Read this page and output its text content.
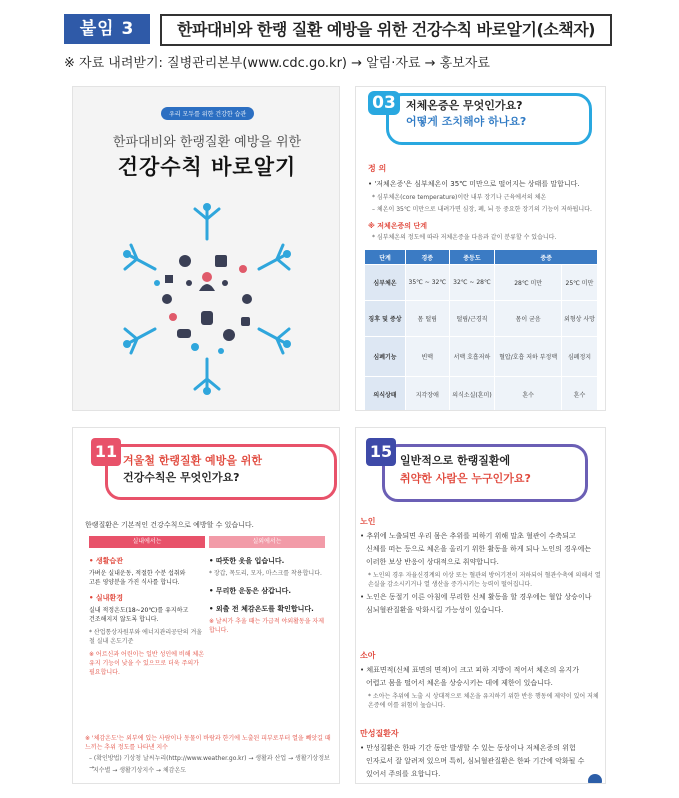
붙임 3	한파대비와 한랭 질환 예방을 위한 건강수칙 바로알기(소책자)
※ 자료 내려받기: 질병관리본부(www.cdc.go.kr) → 알림·자료 → 홍보자료
우리 모두를 위한 건강한 습관
한파대비와 한랭질환 예방을 위한
건강수칙 바로알기
03 저체온증은 무엇인가요?
어떻게 조치해야 하나요?
정 의
• '저체온증'은 심부체온이 35℃ 미만으로 떨어지는 상태를 말합니다.
* 심부체온(core temperature)이란 내부 장기나 근육에서의 체온
– 체온이 35℃ 미만으로 내려가면 심장, 폐, 뇌 등 중요한 장기의 기능이 저하됩니다.
※ 저체온증의 단계
* 심부체온의 정도에 따라 저체온증을 다음과 같이 분류할 수 있습니다.
단계	경증	중등도	중증	
심부체온	35℃ ~ 32℃	32℃ ~ 28℃	28℃ 미만	25℃ 미만
징후 및 증상	몸 떨림	떨림/근경직	몸이 굳음	외형상 사망
심폐기능	빈맥	서맥 호흡저하	혈압/호흡 저하 부정맥	심폐정지
의식상태	지각장애	의식소실(혼미)	혼수	혼수
11 겨울철 한랭질환 예방을 위한
건강수칙은 무엇인가요?
한랭질환은 기본적인 건강수칙으로 예방할 수 있습니다.
실내에서는	실외에서는
• 생활습관
가벼운 실내운동, 적절한 수분 섭취와
고른 영양분을 가진 식사를 합니다.
• 실내환경
실내 적정온도(18~20℃)를 유지하고
건조해지지 않도록 합니다.
* 산업통상자원부와 에너지관리공단의 겨울철 실내 온도기준
※ 어르신과 어린이는 일반 성인에 비해 체온 유지 기능이 낮을 수 있으므로 더욱 주의가 필요합니다.
• 따뜻한 옷을 입습니다.
* 장갑, 목도리, 모자, 마스크를 착용합니다.
• 무리한 운동은 삼갑니다.
• 외출 전 체감온도를 확인합니다.
※ 날씨가 추울 때는 가급적 야외활동을 자제합니다.
※ '체감온도'는 외부에 있는 사람이나 동물이 바람과 한기에 노출된 피부로부터 열을 빼앗길 때 느끼는 추위 정도를 나타낸 지수
– (확인방법) 기상청 날씨누리(http://www.weather.go.kr) → 생활과 산업 → 생활기상정보 →
지수별 → 생활기상지수 → 체감온도
15 일반적으로 한랭질환에
취약한 사람은 누구인가요?
노인
• 추위에 노출되면 우리 몸은 추위를 피하기 위해 말초 혈관이 수축되고
신체를 떠는 등으로 체온을 올리기 위한 활동을 하게 되나 노인의 경우에는
이러한 보상 반응이 상대적으로 취약합니다.
* 노인의 경우 자율신경계의 이상 또는 혈관의 방어기전이 저하되어 혈관수축에 의해서 열 손실을 감소시키거나 열 생산을 증가시키는 능력이 떨어집니다.
• 노인은 동절기 이른 아침에 무리한 신체 활동을 할 경우에는 혈압 상승이나
심뇌혈관질환을 악화시킬 가능성이 있습니다.
소아
• 체표면적(신체 표면의 면적)이 크고 피하 지방이 적어서 체온의 유지가
어렵고 몸을 떨어서 체온을 상승시키는 데에 제한이 있습니다.
* 소아는 추위에 노출 시 상대적으로 체온을 유지하기 위한 반응 행동에 제약이 있어 저체온증에 이를 위험이 높습니다.
만성질환자
• 만성질환은 한파 기간 동안 발생할 수 있는 동상이나 저체온증의 위험
인자로서 잘 알려져 있으며 특히, 심뇌혈관질환은 한파 기간에 악화될 수
있어서 주의를 요합니다.
